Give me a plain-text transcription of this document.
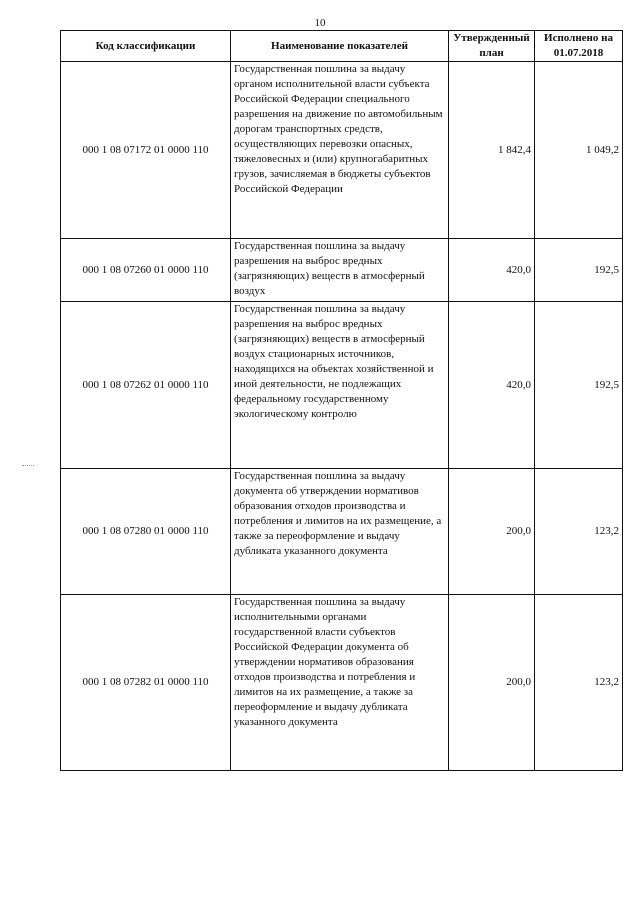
10
Код классификации	Наименование показателей	Утвержденный план	Исполнено на 01.07.2018
000 1 08 07172 01 0000 110	Государственная пошлина за выдачу органом исполнительной власти субъекта Российской Федерации специального разрешения на движение по автомобильным дорогам транспортных средств, осуществляющих перевозки опасных, тяжеловесных и (или) крупногабаритных грузов, зачисляемая в бюджеты субъектов Российской Федерации	1 842,4	1 049,2
000 1 08 07260 01 0000 110	Государственная пошлина за выдачу разрешения на выброс вредных (загрязняющих) веществ в атмосферный воздух	420,0	192,5
000 1 08 07262 01 0000 110	Государственная пошлина за выдачу разрешения на выброс вредных (загрязняющих) веществ в атмосферный воздух стационарных источников, находящихся на объектах хозяйственной и иной деятельности, не подлежащих федеральному государственному экологическому контролю	420,0	192,5
000 1 08 07280 01 0000 110	Государственная пошлина за выдачу документа об утверждении нормативов образования отходов производства и потребления и лимитов на их размещение, а также за переоформление и выдачу дубликата указанного документа	200,0	123,2
000 1 08 07282 01 0000 110	Государственная пошлина за выдачу исполнительными органами государственной власти субъектов Российской Федерации документа об утверждении нормативов образования отходов производства и потребления и лимитов на их размещение, а также за переоформление и выдачу дубликата указанного документа	200,0	123,2
